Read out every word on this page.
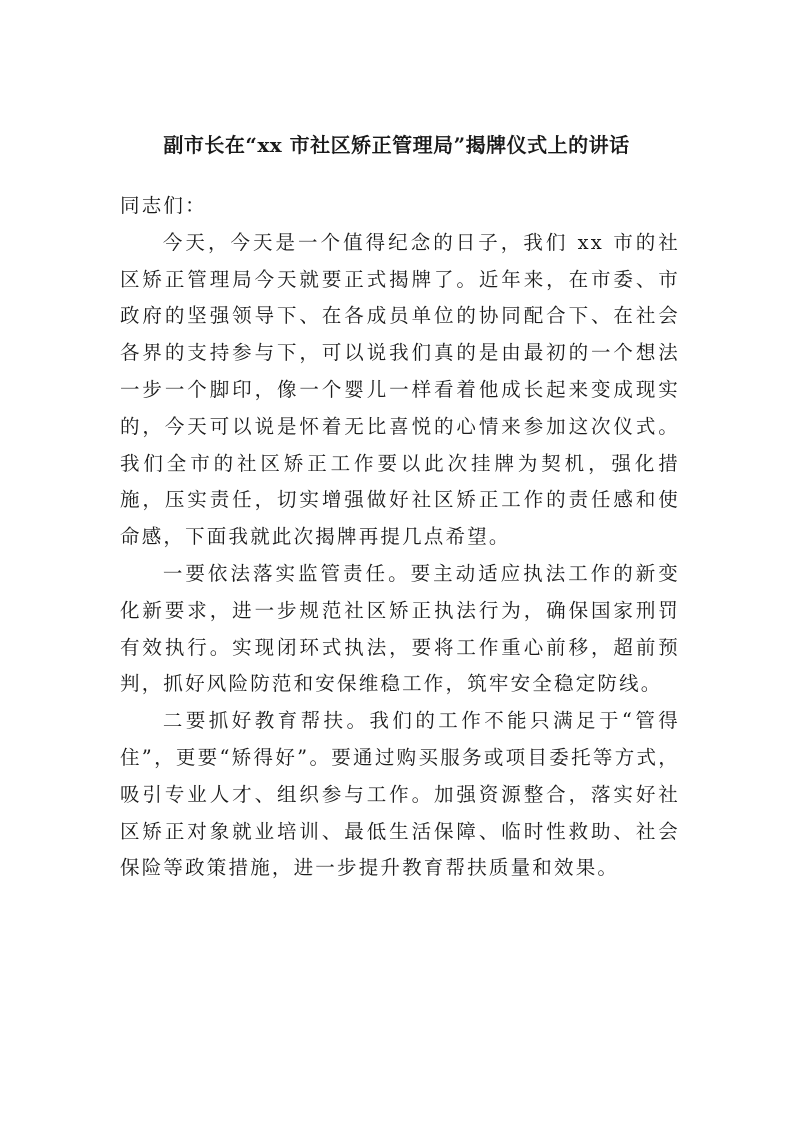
副市长在“xx 市社区矫正管理局”揭牌仪式上的讲话

同志们：

今天，今天是一个值得纪念的日子，我们 xx 市的社区矫正管理局今天就要正式揭牌了。近年来，在市委、市政府的坚强领导下、在各成员单位的协同配合下、在社会各界的支持参与下，可以说我们真的是由最初的一个想法一步一个脚印，像一个婴儿一样看着他成长起来变成现实的，今天可以说是怀着无比喜悦的心情来参加这次仪式。我们全市的社区矫正工作要以此次挂牌为契机，强化措施，压实责任，切实增强做好社区矫正工作的责任感和使命感，下面我就此次揭牌再提几点希望。

一要依法落实监管责任。要主动适应执法工作的新变化新要求，进一步规范社区矫正执法行为，确保国家刑罚有效执行。实现闭环式执法，要将工作重心前移，超前预判，抓好风险防范和安保维稳工作，筑牢安全稳定防线。

二要抓好教育帮扶。我们的工作不能只满足于“管得住”，更要“矫得好”。要通过购买服务或项目委托等方式，吸引专业人才、组织参与工作。加强资源整合，落实好社区矫正对象就业培训、最低生活保障、临时性救助、社会保险等政策措施，进一步提升教育帮扶质量和效果。
